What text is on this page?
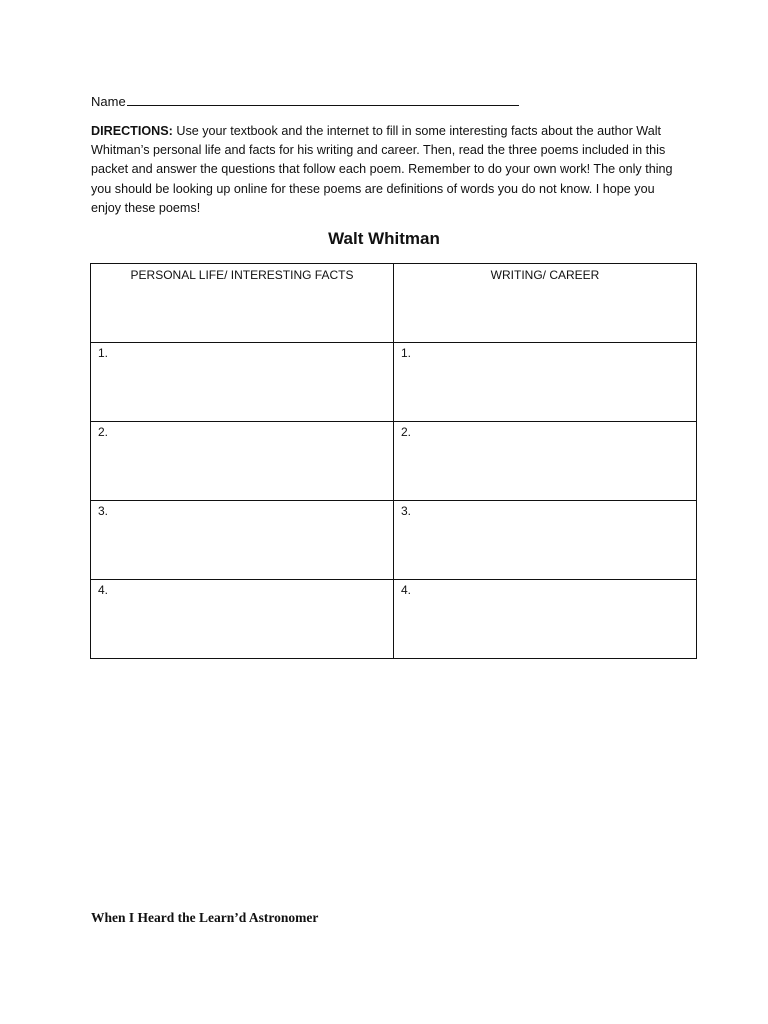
Name
DIRECTIONS: Use your textbook and the internet to fill in some interesting facts about the author Walt Whitman’s personal life and facts for his writing and career. Then, read the three poems included in this packet and answer the questions that follow each poem. Remember to do your own work! The only thing you should be looking up online for these poems are definitions of words you do not know. I hope you enjoy these poems!
Walt Whitman
PERSONAL LIFE/ INTERESTING FACTS	WRITING/ CAREER

1.	1.

2.	2.

3.	3.

4.	4.
When I Heard the Learn’d Astronomer
